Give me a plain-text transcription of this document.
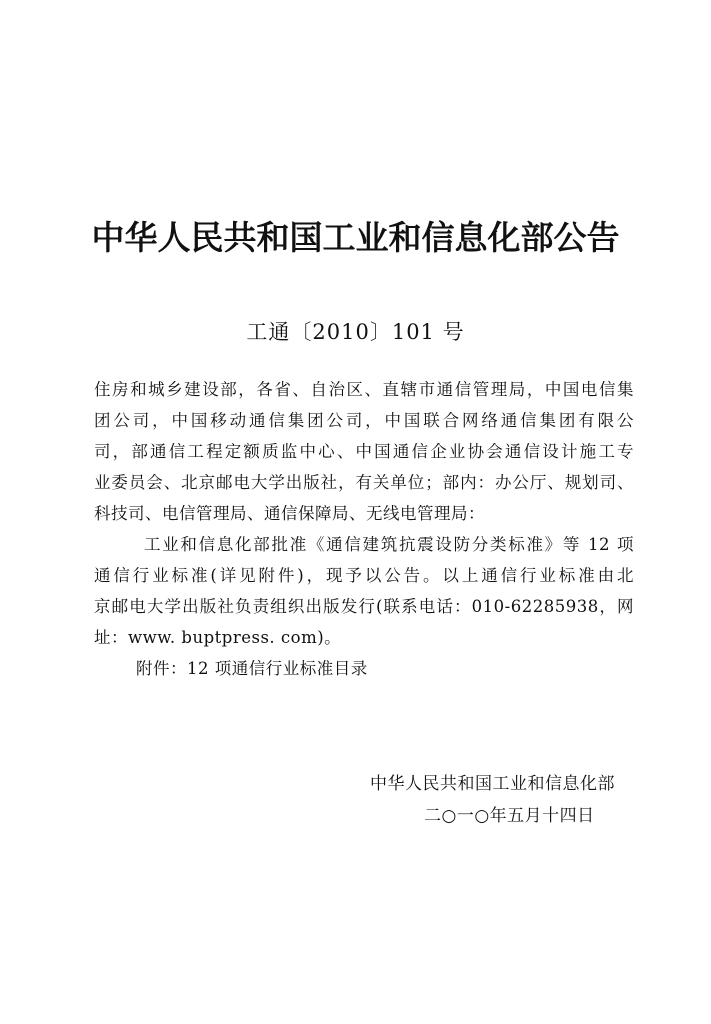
中华人民共和国工业和信息化部公告
工通〔2010〕101 号
住房和城乡建设部，各省、自治区、直辖市通信管理局，中国电信集
团公司，中国移动通信集团公司，中国联合网络通信集团有限公
司，部通信工程定额质监中心、中国通信企业协会通信设计施工专
业委员会、北京邮电大学出版社，有关单位；部内：办公厅、规划司、
科技司、电信管理局、通信保障局、无线电管理局：
工业和信息化部批准《通信建筑抗震设防分类标准》等 12 项
通信行业标准(详见附件)，现予以公告。以上通信行业标准由北
京邮电大学出版社负责组织出版发行(联系电话：010-62285938，网
址：www. buptpress. com)。
附件：12 项通信行业标准目录
中华人民共和国工业和信息化部
二○一○年五月十四日
